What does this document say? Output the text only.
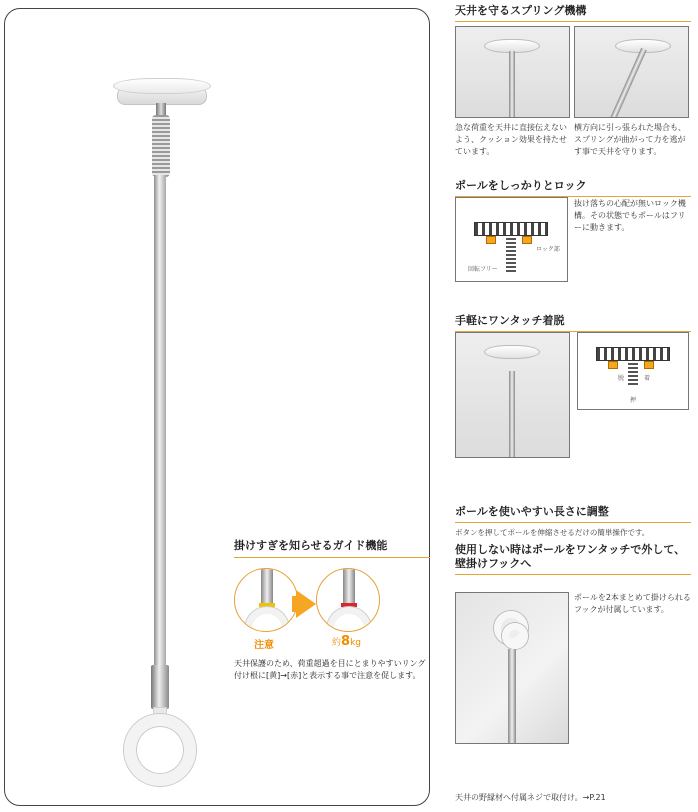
掛けすぎを知らせるガイド機能
注意	約8kg
天井保護のため、荷重超過を目にとまりやすいリング付け根に[黄]→[赤]と表示する事で注意を促します。
天井を守るスプリング機構
急な荷重を天井に直接伝えないよう、クッション効果を持たせています。
横方向に引っ張られた場合も、スプリングが曲がって力を逃がす事で天井を守ります。
ポールをしっかりとロック
ロック部
回転フリー
抜け落ちの心配が無いロック機構。その状態でもポールはフリーに動きます。
手軽にワンタッチ着脱
脱	着
押
ポールを使いやすい長さに調整
ボタンを押してポールを伸縮させるだけの簡単操作です。
使用しない時はポールをワンタッチで外して、壁掛けフックへ
ポールを2本まとめて掛けられるフックが付属しています。
天井の野縁材へ付属ネジで取付け。→P.21
